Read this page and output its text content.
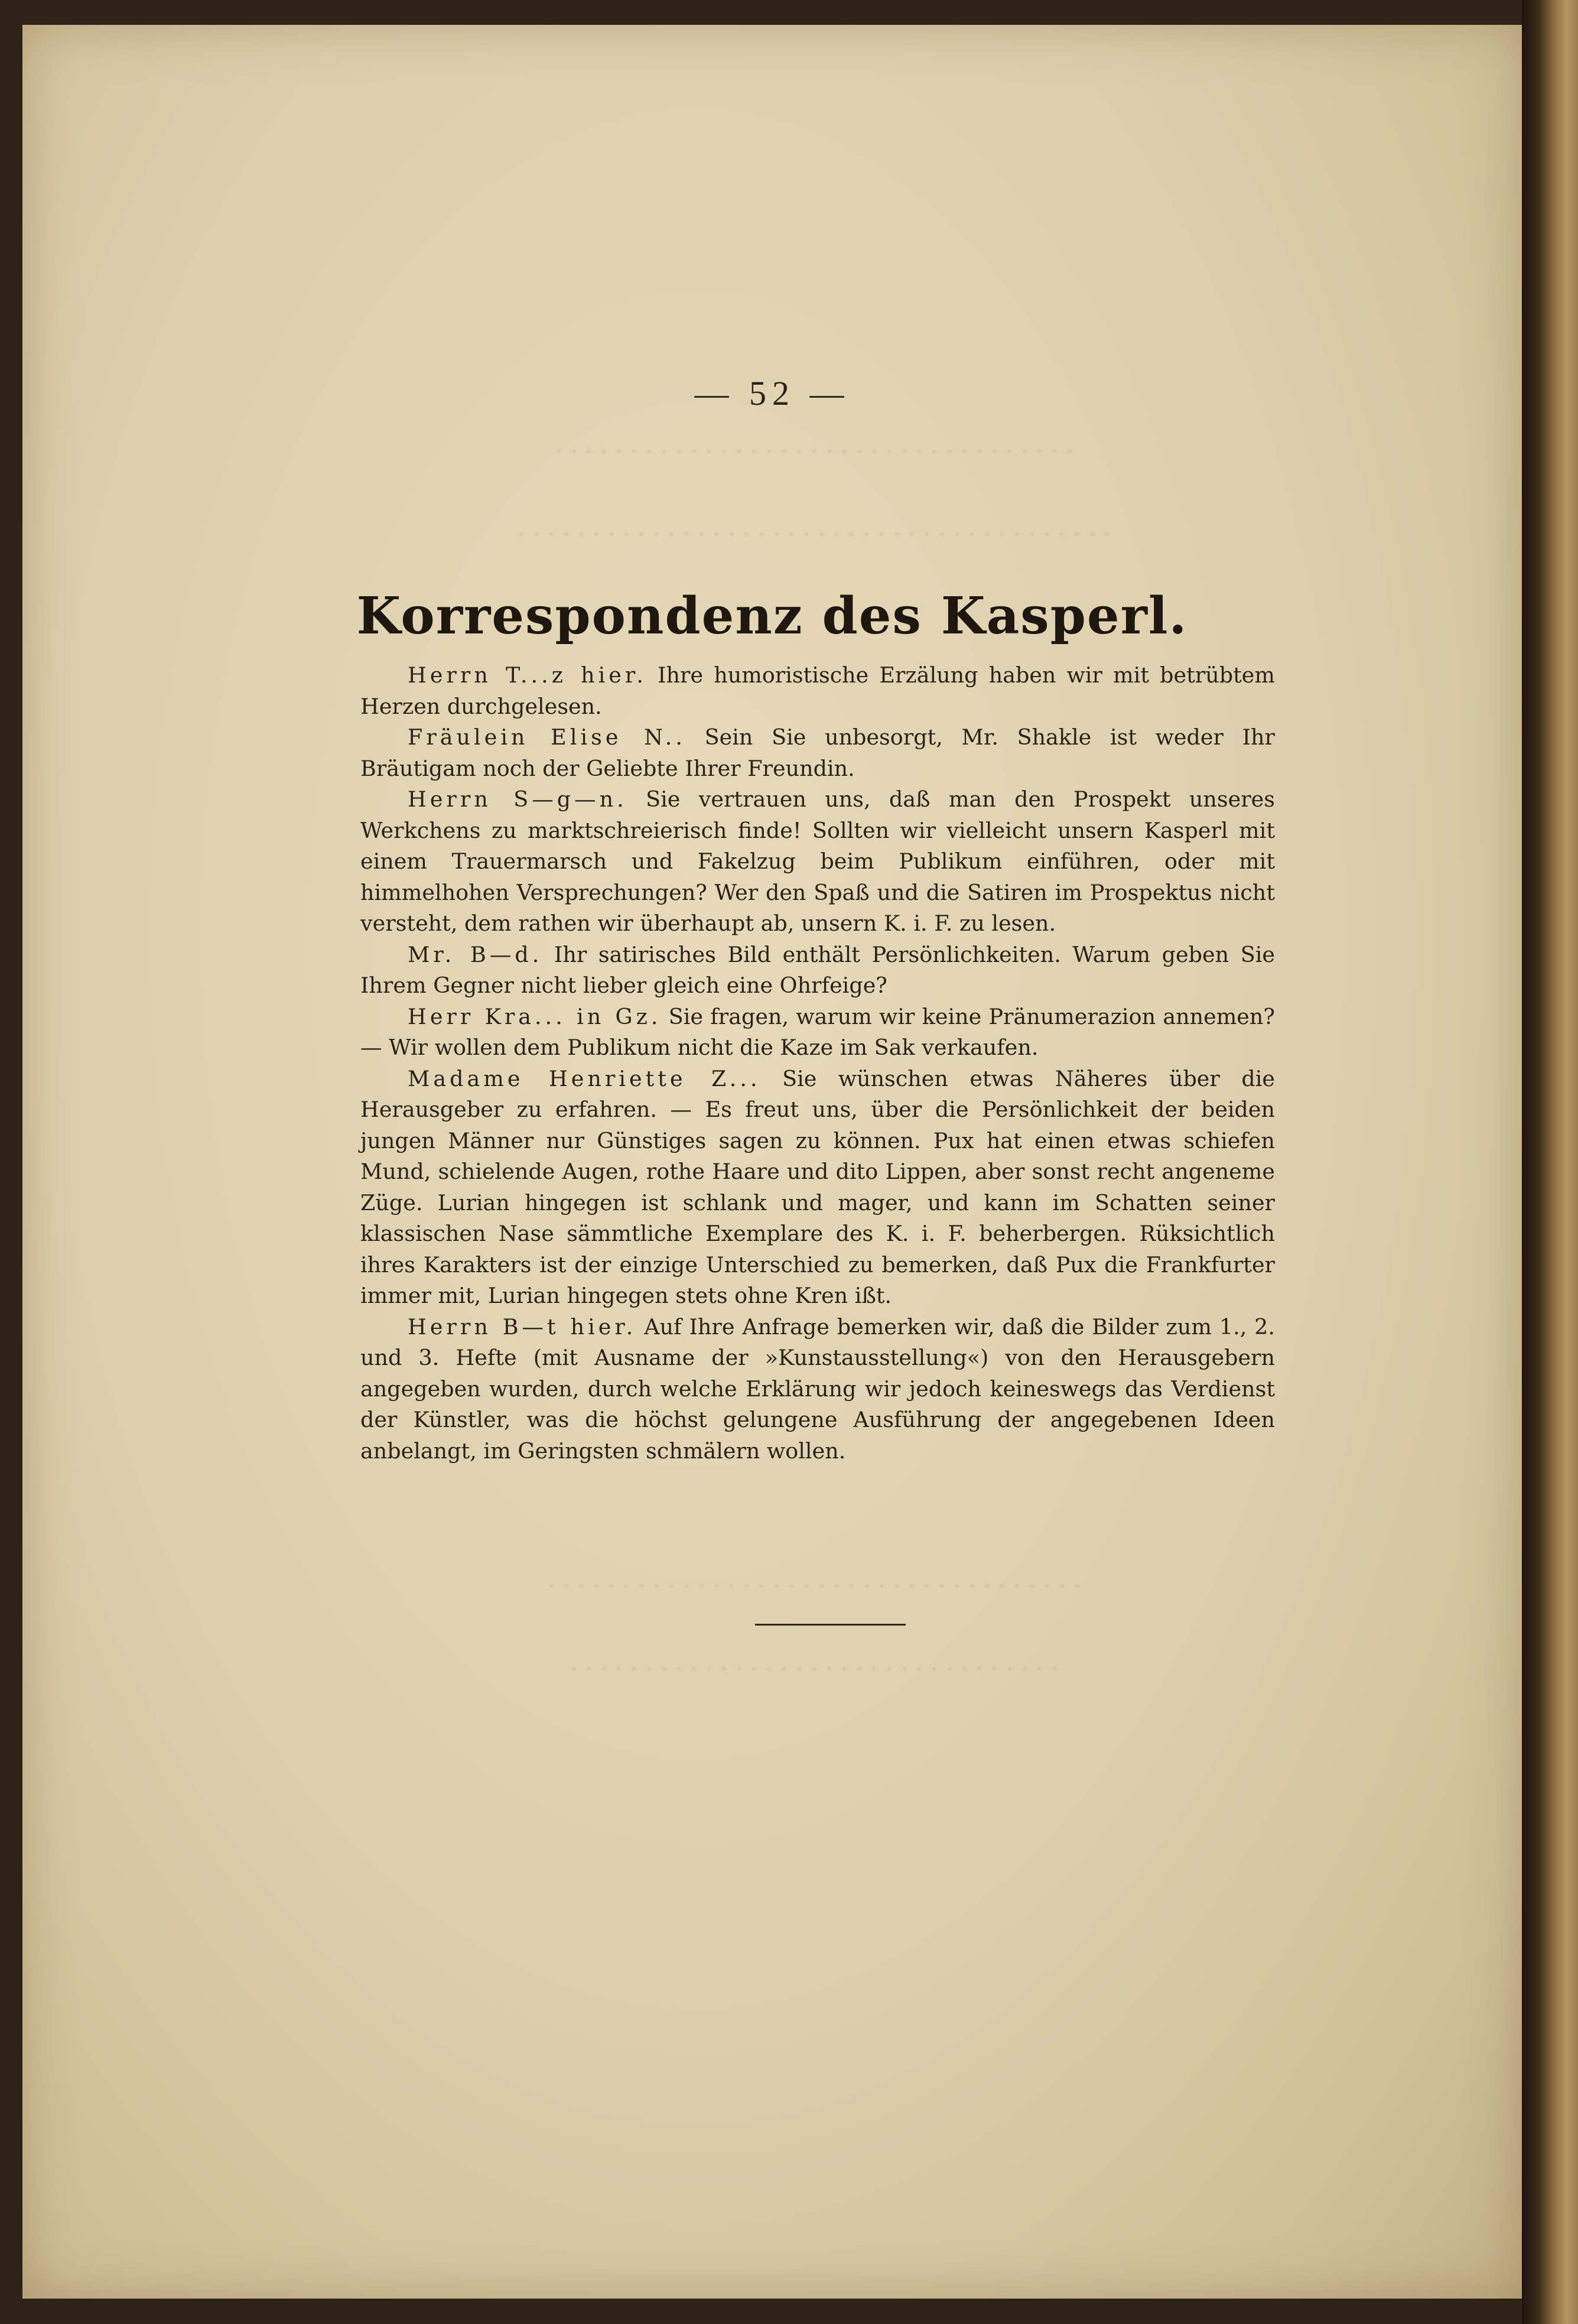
· · · · · · · · · · · · · · · · · · · · · · · · · · · · · · · · · · ·
· · · · · · · · · · · · · · · · · · · · · · · · · · · · · · · · · · · · · · · ·
· · · · · · · · · · · · · · · · · · · · · · · · · · · · · · · · · · · ·
· · · · · · · · · · · · · · · · · · · · · · · · · · · · · · · · ·
— 52 —
Korrespondenz des Kasperl.

Herrn T...z hier. Ihre humoristische Erzälung haben wir mit betrübtem Herzen durchgelesen.

Fräulein Elise N.. Sein Sie unbesorgt, Mr. Shakle ist weder Ihr Bräutigam noch der Geliebte Ihrer Freundin.

Herrn S—g—n. Sie vertrauen uns, daß man den Prospekt unseres Werkchens zu marktschreierisch finde! Sollten wir vielleicht unsern Kasperl mit einem Trauermarsch und Fakelzug beim Publikum einführen, oder mit himmelhohen Versprechungen? Wer den Spaß und die Satiren im Prospektus nicht versteht, dem rathen wir überhaupt ab, unsern K. i. F. zu lesen.

Mr. B—d. Ihr satirisches Bild enthält Persönlichkeiten. Warum geben Sie Ihrem Gegner nicht lieber gleich eine Ohrfeige?

Herr Kra... in Gz. Sie fragen, warum wir keine Pränumerazion annemen? — Wir wollen dem Publikum nicht die Kaze im Sak verkaufen.

Madame Henriette Z... Sie wünschen etwas Näheres über die Herausgeber zu erfahren. — Es freut uns, über die Persönlichkeit der beiden jungen Männer nur Günstiges sagen zu können. Pux hat einen etwas schiefen Mund, schielende Augen, rothe Haare und dito Lippen, aber sonst recht angeneme Züge. Lurian hingegen ist schlank und mager, und kann im Schatten seiner klassischen Nase sämmtliche Exemplare des K. i. F. beherbergen. Rüksichtlich ihres Karakters ist der einzige Unterschied zu bemerken, daß Pux die Frankfurter immer mit, Lurian hingegen stets ohne Kren ißt.

Herrn B—t hier. Auf Ihre Anfrage bemerken wir, daß die Bilder zum 1., 2. und 3. Hefte (mit Ausname der »Kunstausstellung«) von den Herausgebern angegeben wurden, durch welche Erklärung wir jedoch keineswegs das Verdienst der Künstler, was die höchst gelungene Ausführung der angegebenen Ideen anbelangt, im Geringsten schmälern wollen.
